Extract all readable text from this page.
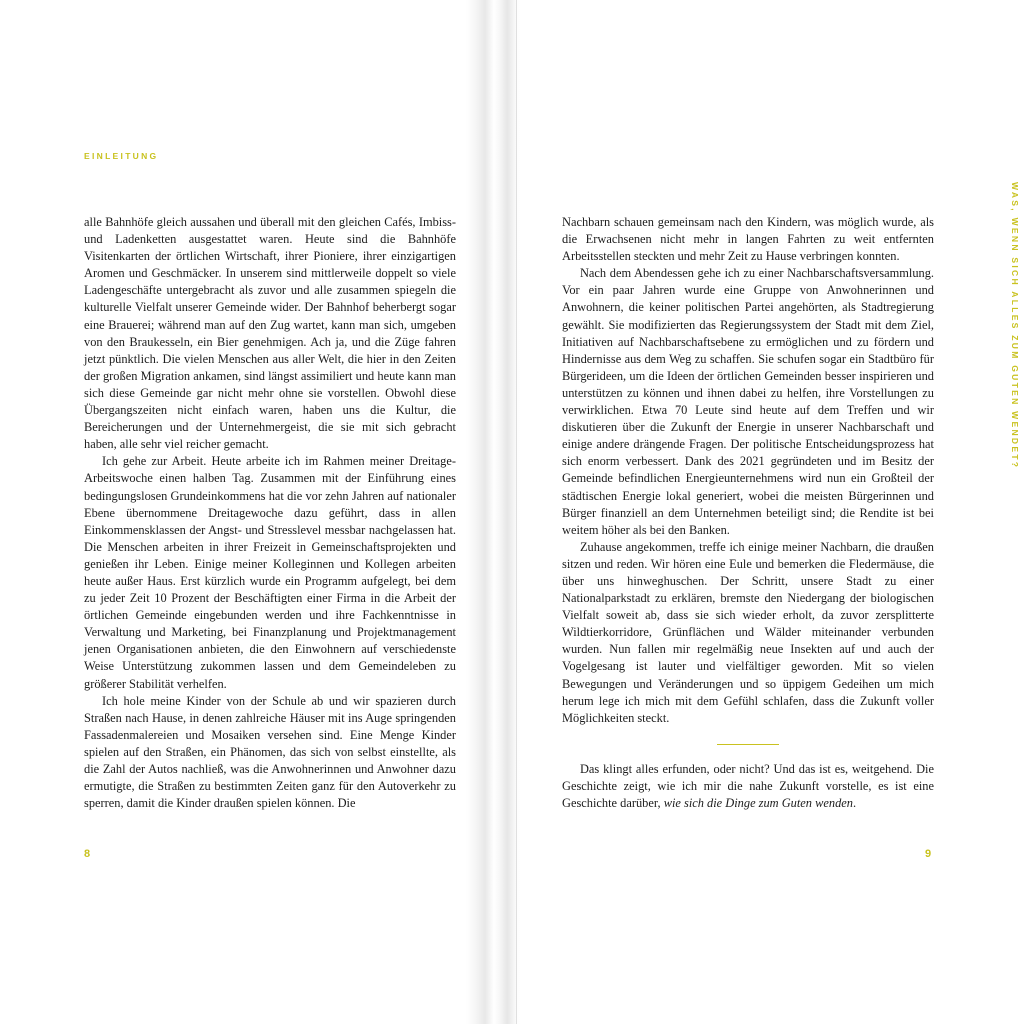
EINLEITUNG

alle Bahnhöfe gleich aussahen und überall mit den gleichen Cafés, Imbiss- und Ladenketten ausgestattet waren. Heute sind die Bahnhöfe Visitenkarten der örtlichen Wirtschaft, ihrer Pioniere, ihrer einzigartigen Aromen und Geschmäcker. In unserem sind mittlerweile doppelt so viele Ladengeschäfte untergebracht als zuvor und alle zusammen spiegeln die kulturelle Vielfalt unserer Gemeinde wider. Der Bahnhof beherbergt sogar eine Brauerei; während man auf den Zug wartet, kann man sich, umgeben von den Braukesseln, ein Bier genehmigen. Ach ja, und die Züge fahren jetzt pünktlich. Die vielen Menschen aus aller Welt, die hier in den Zeiten der großen Migration ankamen, sind längst assimiliert und heute kann man sich diese Gemeinde gar nicht mehr ohne sie vorstellen. Obwohl diese Übergangszeiten nicht einfach waren, haben uns die Kultur, die Bereicherungen und der Unternehmergeist, die sie mit sich gebracht haben, alle sehr viel reicher gemacht.

Ich gehe zur Arbeit. Heute arbeite ich im Rahmen meiner Dreitage-Arbeitswoche einen halben Tag. Zusammen mit der Einführung eines bedingungslosen Grundeinkommens hat die vor zehn Jahren auf nationaler Ebene übernommene Dreitagewoche dazu geführt, dass in allen Einkommensklassen der Angst- und Stresslevel messbar nachgelassen hat. Die Menschen arbeiten in ihrer Freizeit in Gemeinschaftsprojekten und genießen ihr Leben. Einige meiner Kolleginnen und Kollegen arbeiten heute außer Haus. Erst kürzlich wurde ein Programm aufgelegt, bei dem zu jeder Zeit 10 Prozent der Beschäftigten einer Firma in die Arbeit der örtlichen Gemeinde eingebunden werden und ihre Fachkenntnisse in Verwaltung und Marketing, bei Finanzplanung und Projektmanagement jenen Organisationen anbieten, die den Einwohnern auf verschiedenste Weise Unterstützung zukommen lassen und dem Gemeindeleben zu größerer Stabilität verhelfen.

Ich hole meine Kinder von der Schule ab und wir spazieren durch Straßen nach Hause, in denen zahlreiche Häuser mit ins Auge springenden Fassadenmalereien und Mosaiken versehen sind. Eine Menge Kinder spielen auf den Straßen, ein Phänomen, das sich von selbst einstellte, als die Zahl der Autos nachließ, was die Anwohnerinnen und Anwohner dazu ermutigte, die Straßen zu bestimmten Zeiten ganz für den Autoverkehr zu sperren, damit die Kinder draußen spielen können. Die

WAS, WENN SICH ALLES ZUM GUTEN WENDET?

Nachbarn schauen gemeinsam nach den Kindern, was möglich wurde, als die Erwachsenen nicht mehr in langen Fahrten zu weit entfernten Arbeitsstellen steckten und mehr Zeit zu Hause verbringen konnten.

Nach dem Abendessen gehe ich zu einer Nachbarschaftsversammlung. Vor ein paar Jahren wurde eine Gruppe von Anwohnerinnen und Anwohnern, die keiner politischen Partei angehörten, als Stadtregierung gewählt. Sie modifizierten das Regierungssystem der Stadt mit dem Ziel, Initiativen auf Nachbarschaftsebene zu ermöglichen und zu fördern und Hindernisse aus dem Weg zu schaffen. Sie schufen sogar ein Stadtbüro für Bürgerideen, um die Ideen der örtlichen Gemeinden besser inspirieren und unterstützen zu können und ihnen dabei zu helfen, ihre Vorstellungen zu verwirklichen. Etwa 70 Leute sind heute auf dem Treffen und wir diskutieren über die Zukunft der Energie in unserer Nachbarschaft und einige andere drängende Fragen. Der politische Entscheidungsprozess hat sich enorm verbessert. Dank des 2021 gegründeten und im Besitz der Gemeinde befindlichen Energieunternehmens wird nun ein Großteil der städtischen Energie lokal generiert, wobei die meisten Bürgerinnen und Bürger finanziell an dem Unternehmen beteiligt sind; die Rendite ist bei weitem höher als bei den Banken.

Zuhause angekommen, treffe ich einige meiner Nachbarn, die draußen sitzen und reden. Wir hören eine Eule und bemerken die Fledermäuse, die über uns hinweghuschen. Der Schritt, unsere Stadt zu einer Nationalparkstadt zu erklären, bremste den Niedergang der biologischen Vielfalt soweit ab, dass sie sich wieder erholt, da zuvor zersplitterte Wildtierkorridore, Grünflächen und Wälder miteinander verbunden wurden. Nun fallen mir regelmäßig neue Insekten auf und auch der Vogelgesang ist lauter und vielfältiger geworden. Mit so vielen Bewegungen und Veränderungen und so üppigem Gedeihen um mich herum lege ich mich mit dem Gefühl schlafen, dass die Zukunft voller Möglichkeiten steckt.

Das klingt alles erfunden, oder nicht? Und das ist es, weitgehend. Die Geschichte zeigt, wie ich mir die nahe Zukunft vorstelle, es ist eine Geschichte darüber, wie sich die Dinge zum Guten wenden.

8	9
